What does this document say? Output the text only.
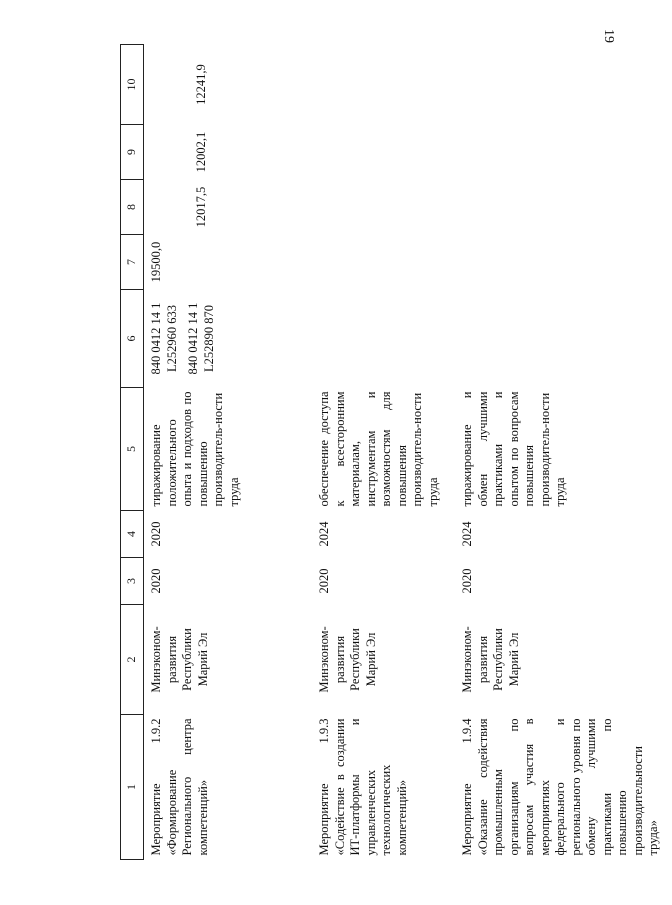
19
1	2	3	4	5	6	7	8	9	10
Мероприятие 1.9.2 «Формирование Регионального центра компетенций»	Минэконом-развития Республики Марий Эл	2020	2020	тиражирование положительного опыта и подходов по повышению производитель-ности труда	840 0412 14 1 L252960 633 840 0412 14 1 L252890 870	19500,0	12017,5	12002,1	12241,9
Мероприятие 1.9.3 «Содействие в создании ИТ-платформы и управленческих технологических компетенций»	Минэконом-развития Республики Марий Эл	2020	2024	обеспечение доступа к всесторонним материалам, инструментам и возможностям для повышения производитель-ности труда					
Мероприятие 1.9.4 «Оказание содействия промышленным организациям по вопросам участия в мероприятиях федерального и регионального уровня по обмену лучшими практиками по повышению производительности труда»	Минэконом-развития Республики Марий Эл	2020	2024	тиражирование и обмен лучшими практиками и опытом по вопросам повышения производитель-ности труда					
